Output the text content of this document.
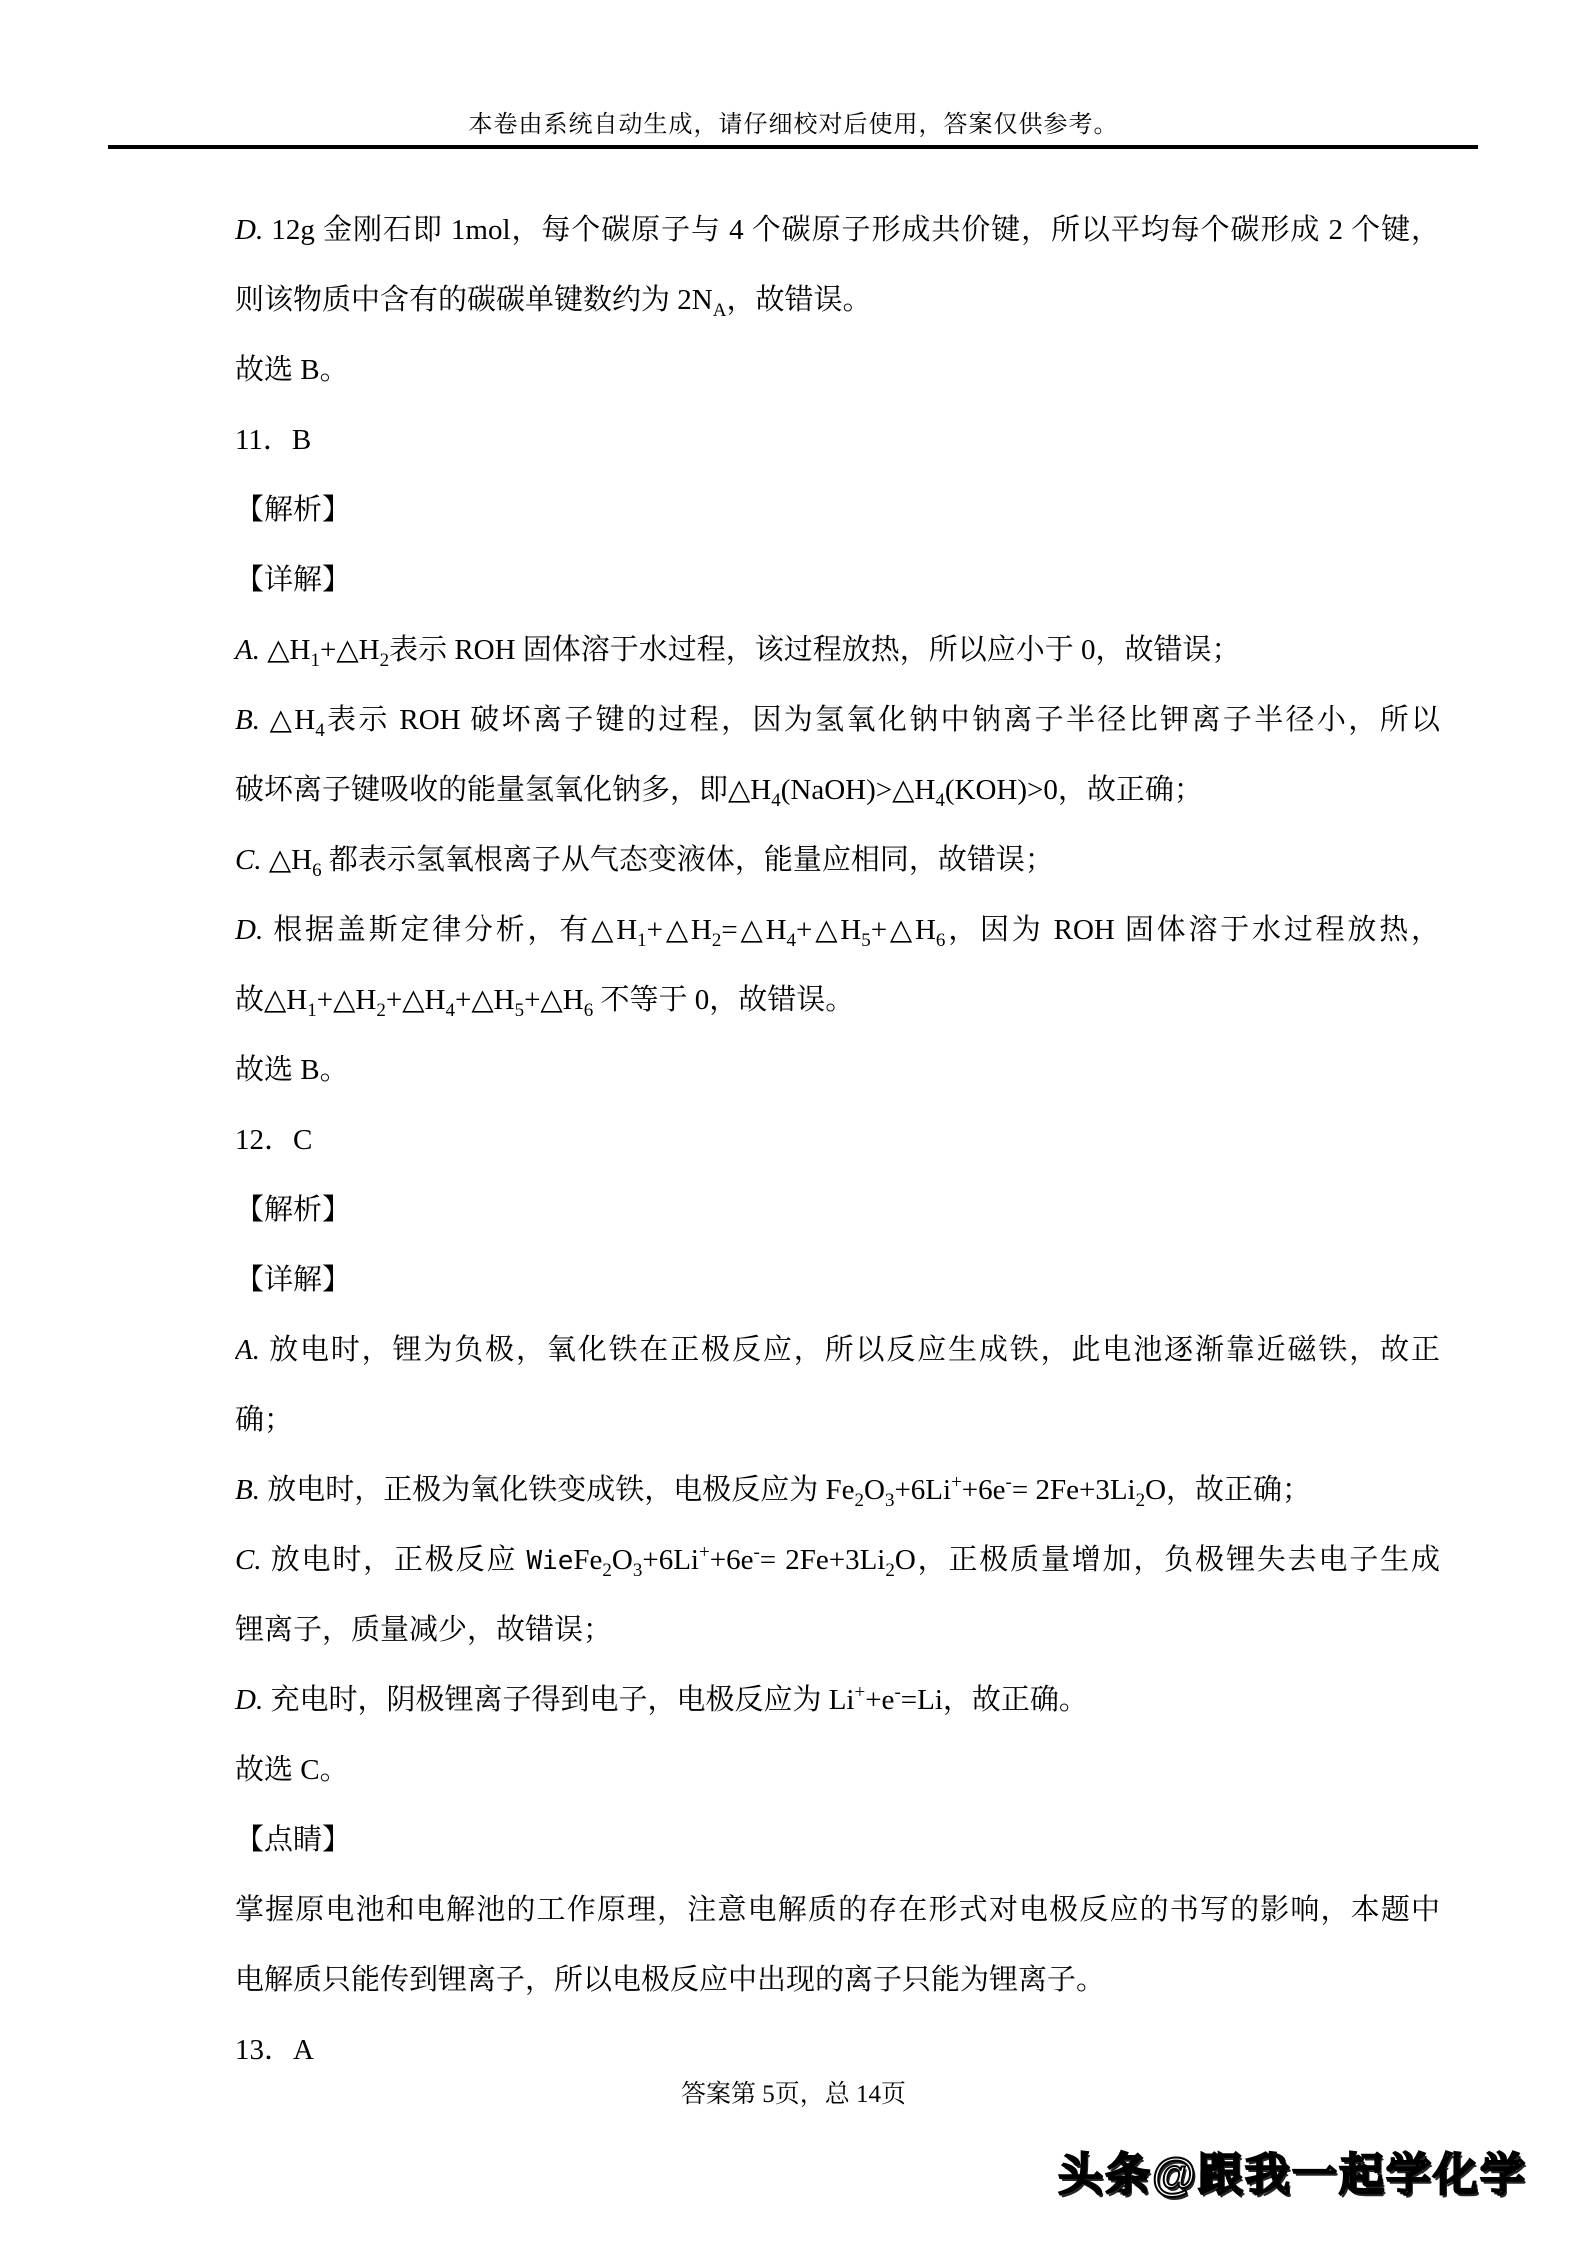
本卷由系统自动生成，请仔细校对后使用，答案仅供参考。
D. 12g 金刚石即 1mol，每个碳原子与 4 个碳原子形成共价键，所以平均每个碳形成 2 个键，
则该物质中含有的碳碳单键数约为 $2N_A$，故错误。
故选 B。
11．B
【解析】
【详解】
A. $\triangle H_1+\triangle H_2$表示 ROH 固体溶于水过程，该过程放热，所以应小于 0，故错误；
B. $\triangle H_4$表示 ROH 破坏离子键的过程，因为氢氧化钠中钠离子半径比钾离子半径小，所以
破坏离子键吸收的能量氢氧化钠多，即$\triangle H_4(NaOH)>\triangle H_4(KOH)>0$，故正确；
C. $\triangle H_6$ 都表示氢氧根离子从气态变液体，能量应相同，故错误；
D. 根据盖斯定律分析，有$\triangle H_1+\triangle H_2=\triangle H_4+\triangle H_5+\triangle H_6$，因为 ROH 固体溶于水过程放热，
故$\triangle H_1+\triangle H_2+\triangle H_4+\triangle H_5+\triangle H_6$ 不等于 0，故错误。
故选 B。
12．C
【解析】
【详解】
A. 放电时，锂为负极，氧化铁在正极反应，所以反应生成铁，此电池逐渐靠近磁铁，故正
确；
B. 放电时，正极为氧化铁变成铁，电极反应为 $Fe_2O_3+6Li^++6e^-= 2Fe+3Li_2O$，故正确；
C. 放电时，正极反应 $WieFe_2O_3+6Li^++6e^-= 2Fe+3Li_2O$，正极质量增加，负极锂失去电子生成
锂离子，质量减少，故错误；
D. 充电时，阴极锂离子得到电子，电极反应为 Li++e-=Li，故正确。
故选 C。
【点睛】
掌握原电池和电解池的工作原理，注意电解质的存在形式对电极反应的书写的影响，本题中
电解质只能传到锂离子，所以电极反应中出现的离子只能为锂离子。
13．A
答案第 5页，总 14页
头条@跟我一起学化学
